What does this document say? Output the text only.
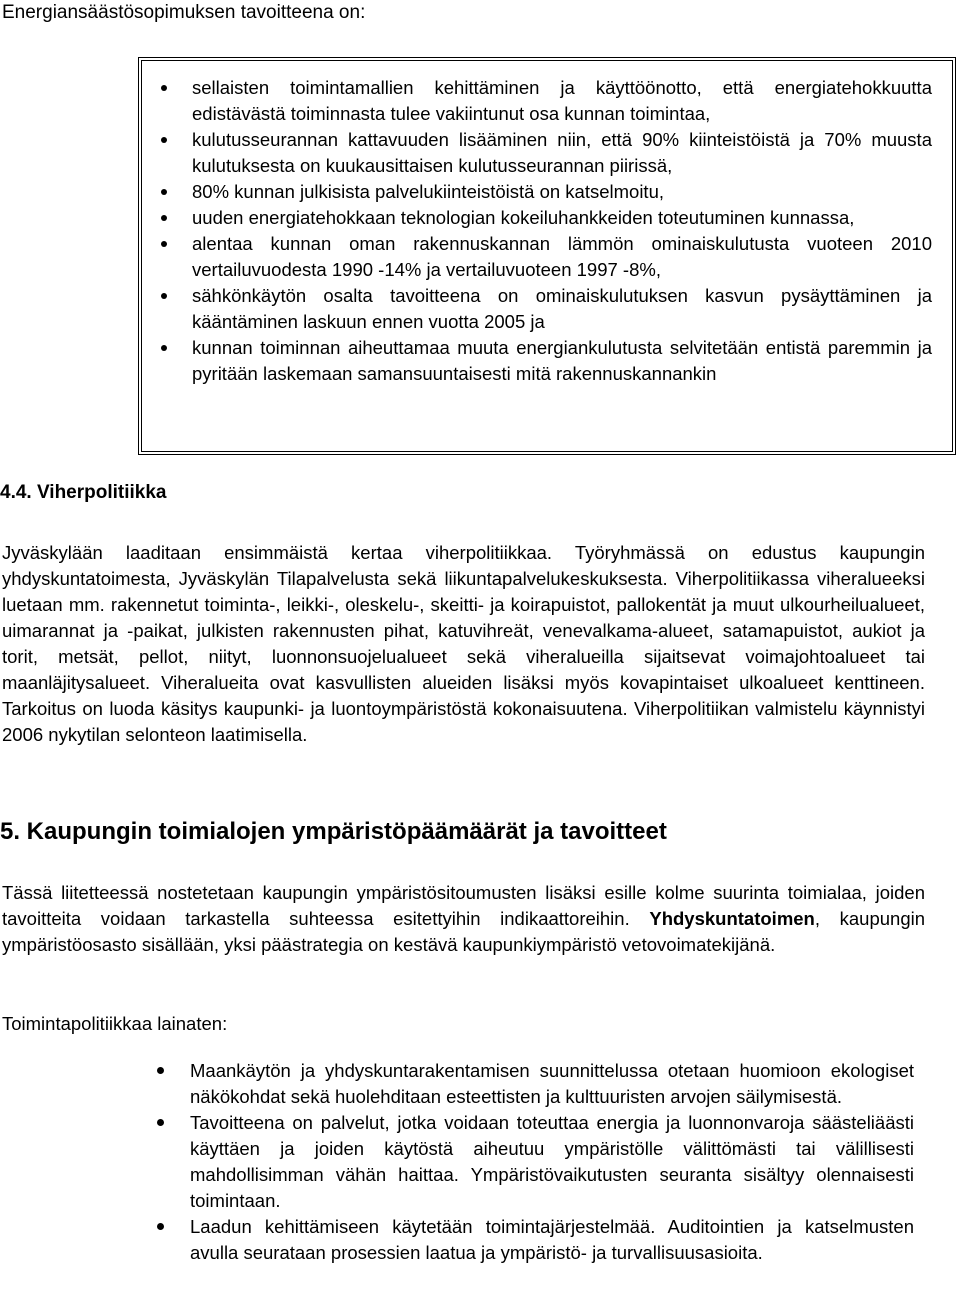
Energiansäästösopimuksen tavoitteena on:

sellaisten toimintamallien kehittäminen ja käyttöönotto, että energiatehokkuutta edistävästä toiminnasta tulee vakiintunut osa kunnan toimintaa,
kulutusseurannan kattavuuden lisääminen niin, että 90% kiinteistöistä ja 70% muusta kulutuksesta on kuukausittaisen kulutusseurannan piirissä,
80% kunnan julkisista palvelukiinteistöistä on katselmoitu,
uuden energiatehokkaan teknologian kokeiluhankkeiden toteutuminen kunnassa,
alentaa kunnan oman rakennuskannan lämmön ominaiskulutusta vuoteen 2010 vertailuvuodesta 1990 -14% ja vertailuvuoteen 1997 -8%,
sähkönkäytön osalta tavoitteena on ominaiskulutuksen kasvun pysäyttäminen ja kääntäminen laskuun ennen vuotta 2005 ja
kunnan toiminnan aiheuttamaa muuta energiankulutusta selvitetään entistä paremmin ja pyritään laskemaan samansuuntaisesti mitä rakennuskannankin
4.4. Viherpolitiikka

Jyväskylään laaditaan ensimmäistä kertaa viherpolitiikkaa. Työryhmässä on edustus kaupungin yhdyskuntatoimesta, Jyväskylän Tilapalvelusta sekä liikuntapalvelukeskuksesta. Viherpolitiikassa viheralueeksi luetaan mm. rakennetut toiminta-, leikki-, oleskelu-, skeitti- ja koirapuistot, pallokentät ja muut ulkourheilualueet, uimarannat ja -paikat, julkisten rakennusten pihat, katuvihreät, venevalkama-alueet, satamapuistot, aukiot ja torit, metsät, pellot, niityt, luonnonsuojelualueet sekä viheralueilla sijaitsevat voimajohtoalueet tai maanläjitysalueet. Viheralueita ovat kasvullisten alueiden lisäksi myös kovapintaiset ulkoalueet kenttineen. Tarkoitus on luoda käsitys kaupunki- ja luontoympäristöstä kokonaisuutena. Viherpolitiikan valmistelu käynnistyi 2006 nykytilan selonteon laatimisella.

5. Kaupungin toimialojen ympäristöpäämäärät ja tavoitteet

Tässä liitetteessä nostetetaan kaupungin ympäristösitoumusten lisäksi esille kolme suurinta toimialaa, joiden tavoitteita voidaan tarkastella suhteessa esitettyihin indikaattoreihin. Yhdyskuntatoimen, kaupungin ympäristöosasto sisällään, yksi päästrategia on kestävä kaupunkiympäristö vetovoimatekijänä.

Toimintapolitiikkaa lainaten:

Maankäytön ja yhdyskuntarakentamisen suunnittelussa otetaan huomioon ekologiset näkökohdat sekä huolehditaan esteettisten ja kulttuuristen arvojen säilymisestä.
Tavoitteena on palvelut, jotka voidaan toteuttaa energia ja luonnonvaroja säästeliäästi käyttäen ja joiden käytöstä aiheutuu ympäristölle välittömästi tai välillisesti mahdollisimman vähän haittaa. Ympäristövaikutusten seuranta sisältyy olennaisesti toimintaan.
Laadun kehittämiseen käytetään toimintajärjestelmää. Auditointien ja katselmusten avulla seurataan prosessien laatua ja ympäristö- ja turvallisuusasioita.
